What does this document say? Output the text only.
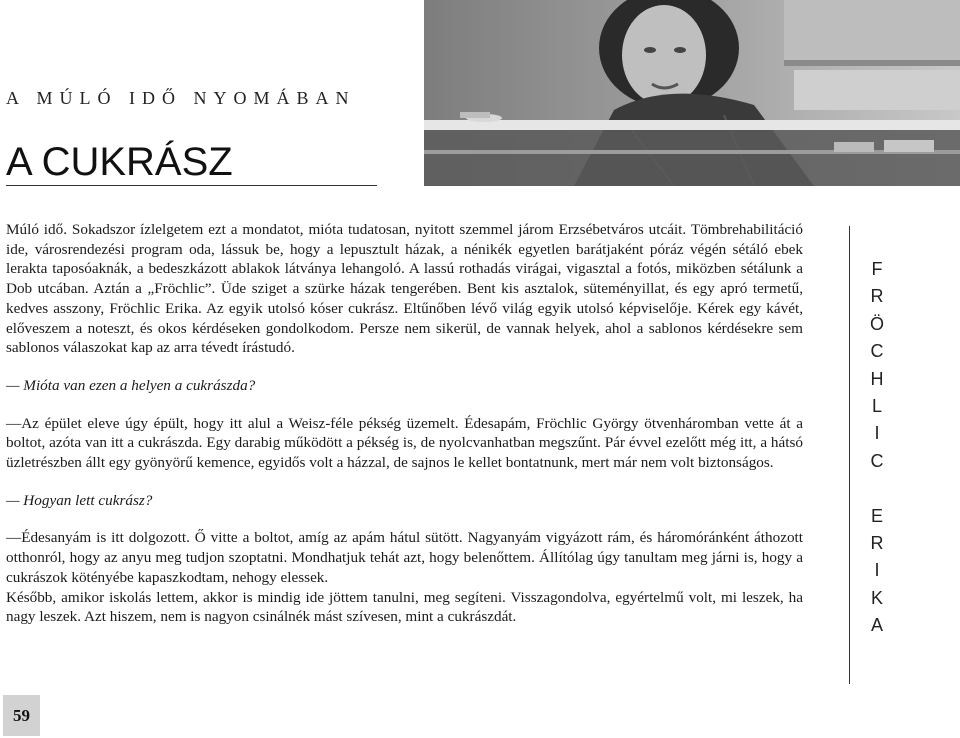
A MÚLÓ IDŐ NYOMÁBAN
A CUKRÁSZ

Múló idő. Sokadszor ízlelgetem ezt a mondatot, mióta tudatosan, nyitott szemmel járom Erzsébetváros utcáit. Tömbrehabilitáció ide, városrendezési program oda, lássuk be, hogy a lepusztult házak, a nénikék egyetlen barátjaként póráz végén sétáló ebek lerakta taposóaknák, a bedeszkázott ablakok látványa lehangoló. A lassú rothadás virágai, vigasztal a fotós, miközben sétálunk a Dob utcában. Aztán a „Fröchlic”. Üde sziget a szürke házak tengerében. Bent kis asztalok, süteményillat, és egy apró termetű, kedves asszony, Fröchlic Erika. Az egyik utolsó kóser cukrász. Eltűnőben lévő világ egyik utolsó képviselője. Kérek egy kávét, előveszem a noteszt, és okos kérdéseken gondolkodom. Persze nem sikerül, de vannak helyek, ahol a sablonos kérdésekre sem sablonos válaszokat kap az arra tévedt írástudó.

— Mióta van ezen a helyen a cukrászda?

—Az épület eleve úgy épült, hogy itt alul a Weisz-féle pékség üzemelt. Édesapám, Fröchlic György ötvenháromban vette át a boltot, azóta van itt a cukrászda. Egy darabig működött a pékség is, de nyolcvanhatban megszűnt. Pár évvel ezelőtt még itt, a hátsó üzletrészben állt egy gyönyörű kemence, egyidős volt a házzal, de sajnos le kellet bontatnunk, mert már nem volt biztonságos.

— Hogyan lett cukrász?

—Édesanyám is itt dolgozott. Ő vitte a boltot, amíg az apám hátul sütött. Nagyanyám vigyázott rám, és háromóránként áthozott otthonról, hogy az anyu meg tudjon szoptatni. Mondhatjuk tehát azt, hogy belenőttem. Állítólag úgy tanultam meg járni is, hogy a cukrászok kötényébe kapaszkodtam, nehogy elessek.

Később, amikor iskolás lettem, akkor is mindig ide jöttem tanulni, meg segíteni. Visszagondolva, egyértelmű volt, mi leszek, ha nagy leszek. Azt hiszem, nem is nagyon csinálnék mást szívesen, mint a cukrászdát.

F
R
Ö
C
H
L
I
C
E
R
I
K
A
59
